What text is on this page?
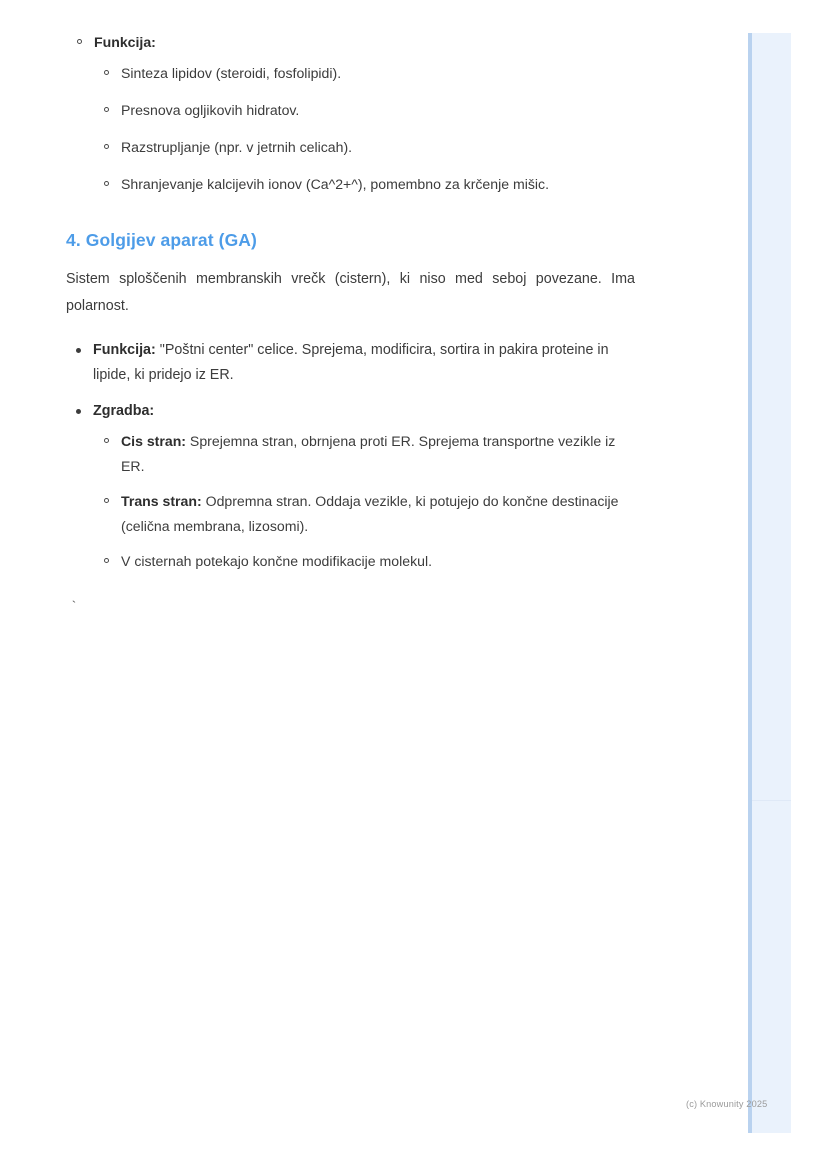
Funkcija:
Sinteza lipidov (steroidi, fosfolipidi).
Presnova ogljikovih hidratov.
Razstrupljanje (npr. v jetrnih celicah).
Shranjevanje kalcijevih ionov (Ca^2+^), pomembno za krčenje mišic.
4. Golgijev aparat (GA)

Sistem sploščenih membranskih vrečk (cistern), ki niso med seboj povezane. Ima polarnost.

Funkcija: "Poštni center" celice. Sprejema, modificira, sortira in pakira proteine in lipide, ki pridejo iz ER.
Zgradba:
Cis stran: Sprejemna stran, obrnjena proti ER. Sprejema transportne vezikle iz ER.
Trans stran: Odpremna stran. Oddaja vezikle, ki potujejo do končne destinacije (celična membrana, lizosomi).
V cisternah potekajo končne modifikacije molekul.
`
(c) Knowunity 2025
